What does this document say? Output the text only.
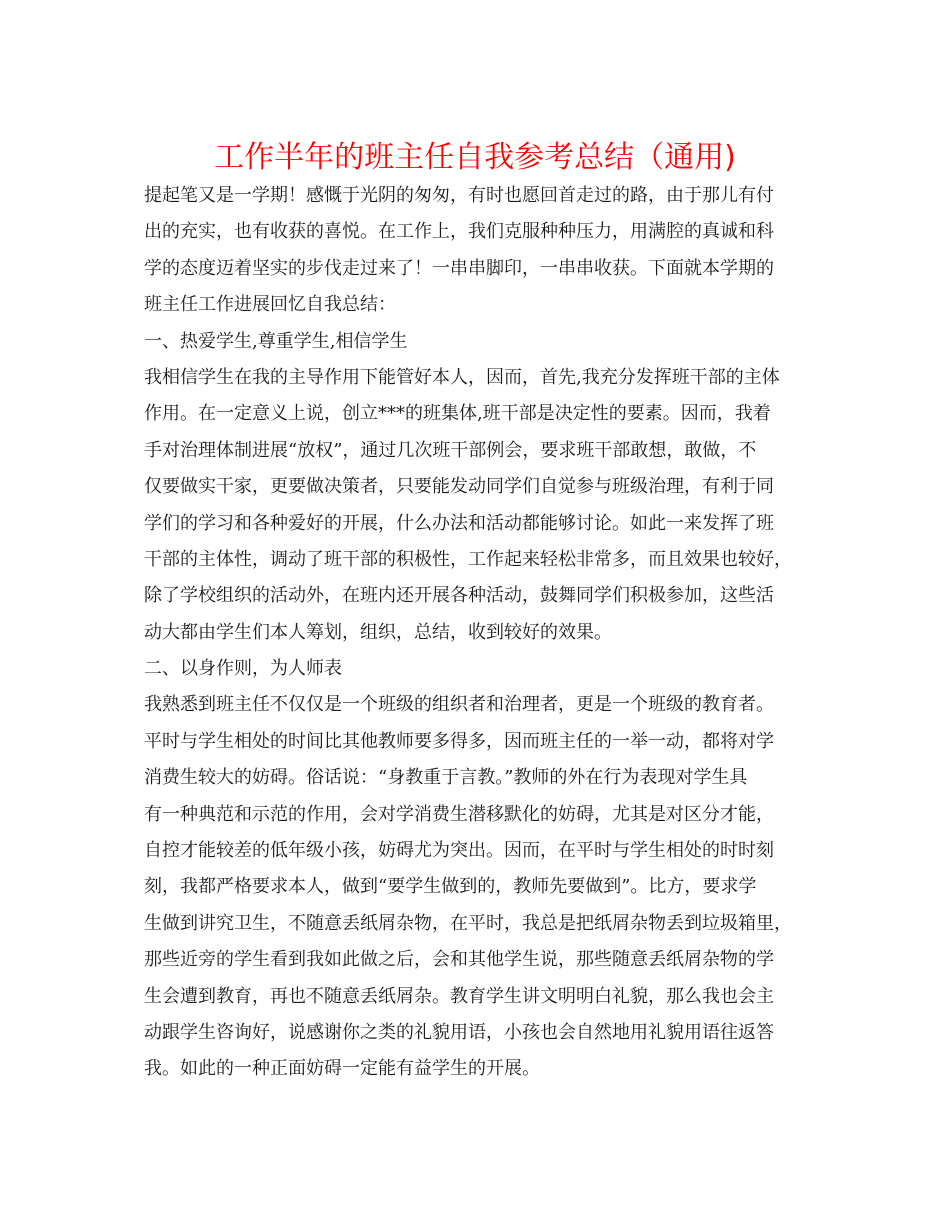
工作半年的班主任自我参考总结（通用)
提起笔又是一学期！感慨于光阴的匆匆，有时也愿回首走过的路，由于那儿有付
出的充实，也有收获的喜悦。在工作上，我们克服种种压力，用满腔的真诚和科
学的态度迈着坚实的步伐走过来了！一串串脚印，一串串收获。下面就本学期的
班主任工作进展回忆自我总结：
一、热爱学生,尊重学生,相信学生
我相信学生在我的主导作用下能管好本人，因而，首先,我充分发挥班干部的主体
作用。在一定意义上说，创立***的班集体,班干部是决定性的要素。因而，我着
手对治理体制进展“放权”，通过几次班干部例会，要求班干部敢想，敢做，不
仅要做实干家，更要做决策者，只要能发动同学们自觉参与班级治理，有利于同
学们的学习和各种爱好的开展，什么办法和活动都能够讨论。如此一来发挥了班
干部的主体性，调动了班干部的积极性，工作起来轻松非常多，而且效果也较好，
除了学校组织的活动外，在班内还开展各种活动，鼓舞同学们积极参加，这些活
动大都由学生们本人筹划，组织，总结，收到较好的效果。
二、以身作则，为人师表
我熟悉到班主任不仅仅是一个班级的组织者和治理者，更是一个班级的教育者。
平时与学生相处的时间比其他教师要多得多，因而班主任的一举一动，都将对学
消费生较大的妨碍。俗话说：“身教重于言教。”教师的外在行为表现对学生具
有一种典范和示范的作用，会对学消费生潜移默化的妨碍，尤其是对区分才能，
自控才能较差的低年级小孩，妨碍尤为突出。因而，在平时与学生相处的时时刻
刻，我都严格要求本人，做到“要学生做到的，教师先要做到”。比方，要求学
生做到讲究卫生，不随意丢纸屑杂物，在平时，我总是把纸屑杂物丢到垃圾箱里，
那些近旁的学生看到我如此做之后，会和其他学生说，那些随意丢纸屑杂物的学
生会遭到教育，再也不随意丢纸屑杂。教育学生讲文明明白礼貌，那么我也会主
动跟学生咨询好，说感谢你之类的礼貌用语，小孩也会自然地用礼貌用语往返答
我。如此的一种正面妨碍一定能有益学生的开展。
